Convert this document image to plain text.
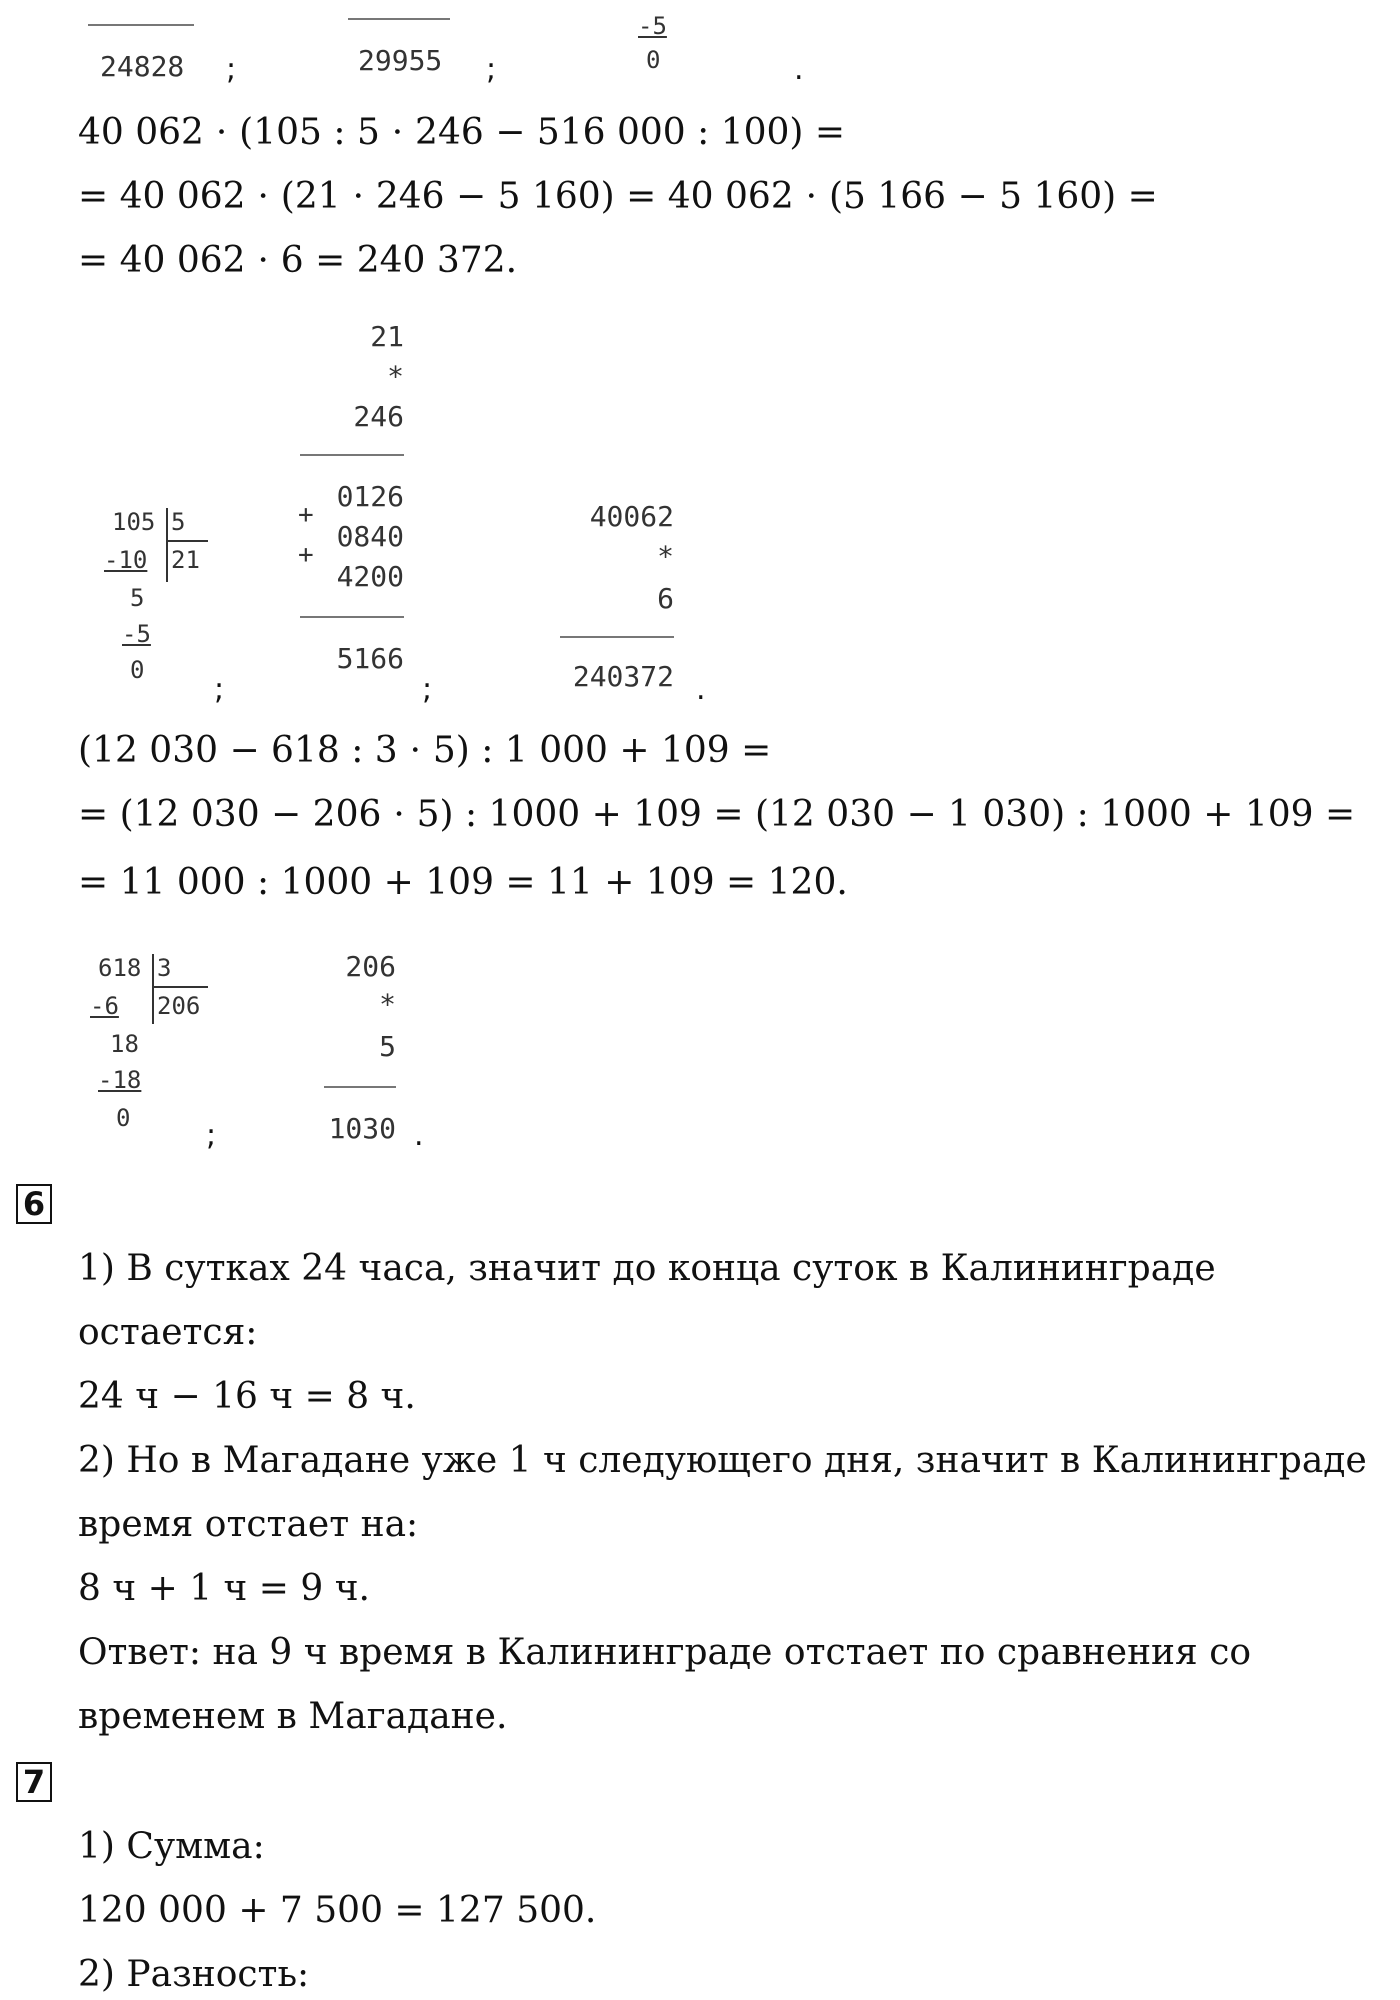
24828 ;	29955 ;
-5
0	.
40 062 ⋅ (105 : 5 ⋅ 246 − 516 000 : 100) =
= 40 062 ⋅ (21 ⋅ 246 − 5 160) = 40 062 ⋅ (5 166 − 5 160) =
= 40 062 ⋅ 6 = 240 372.
105 5
21
-10
5
-5
0
;
21
*
246
0126
+
0840
+
4200
5166
;
40062
*
6
240372 .
(12 030 − 618 : 3 ⋅ 5) : 1 000 + 109 =
= (12 030 − 206 ⋅ 5) : 1000 + 109 = (12 030 − 1 030) : 1000 + 109 =
= 11 000 : 1000 + 109 = 11 + 109 = 120.
618 3
206
-6
18
-18
0	;
206
*
5
1030 .
6
1) В сутках 24 часа, значит до конца суток в Калининграде
остается:
24 ч − 16 ч = 8 ч.
2) Но в Магадане уже 1 ч следующего дня, значит в Калининграде
время отстает на:
8 ч + 1 ч = 9 ч.
Ответ: на 9 ч время в Калининграде отстает по сравнения со
временем в Магадане.
7
1) Сумма:
120 000 + 7 500 = 127 500.
2) Разность:
